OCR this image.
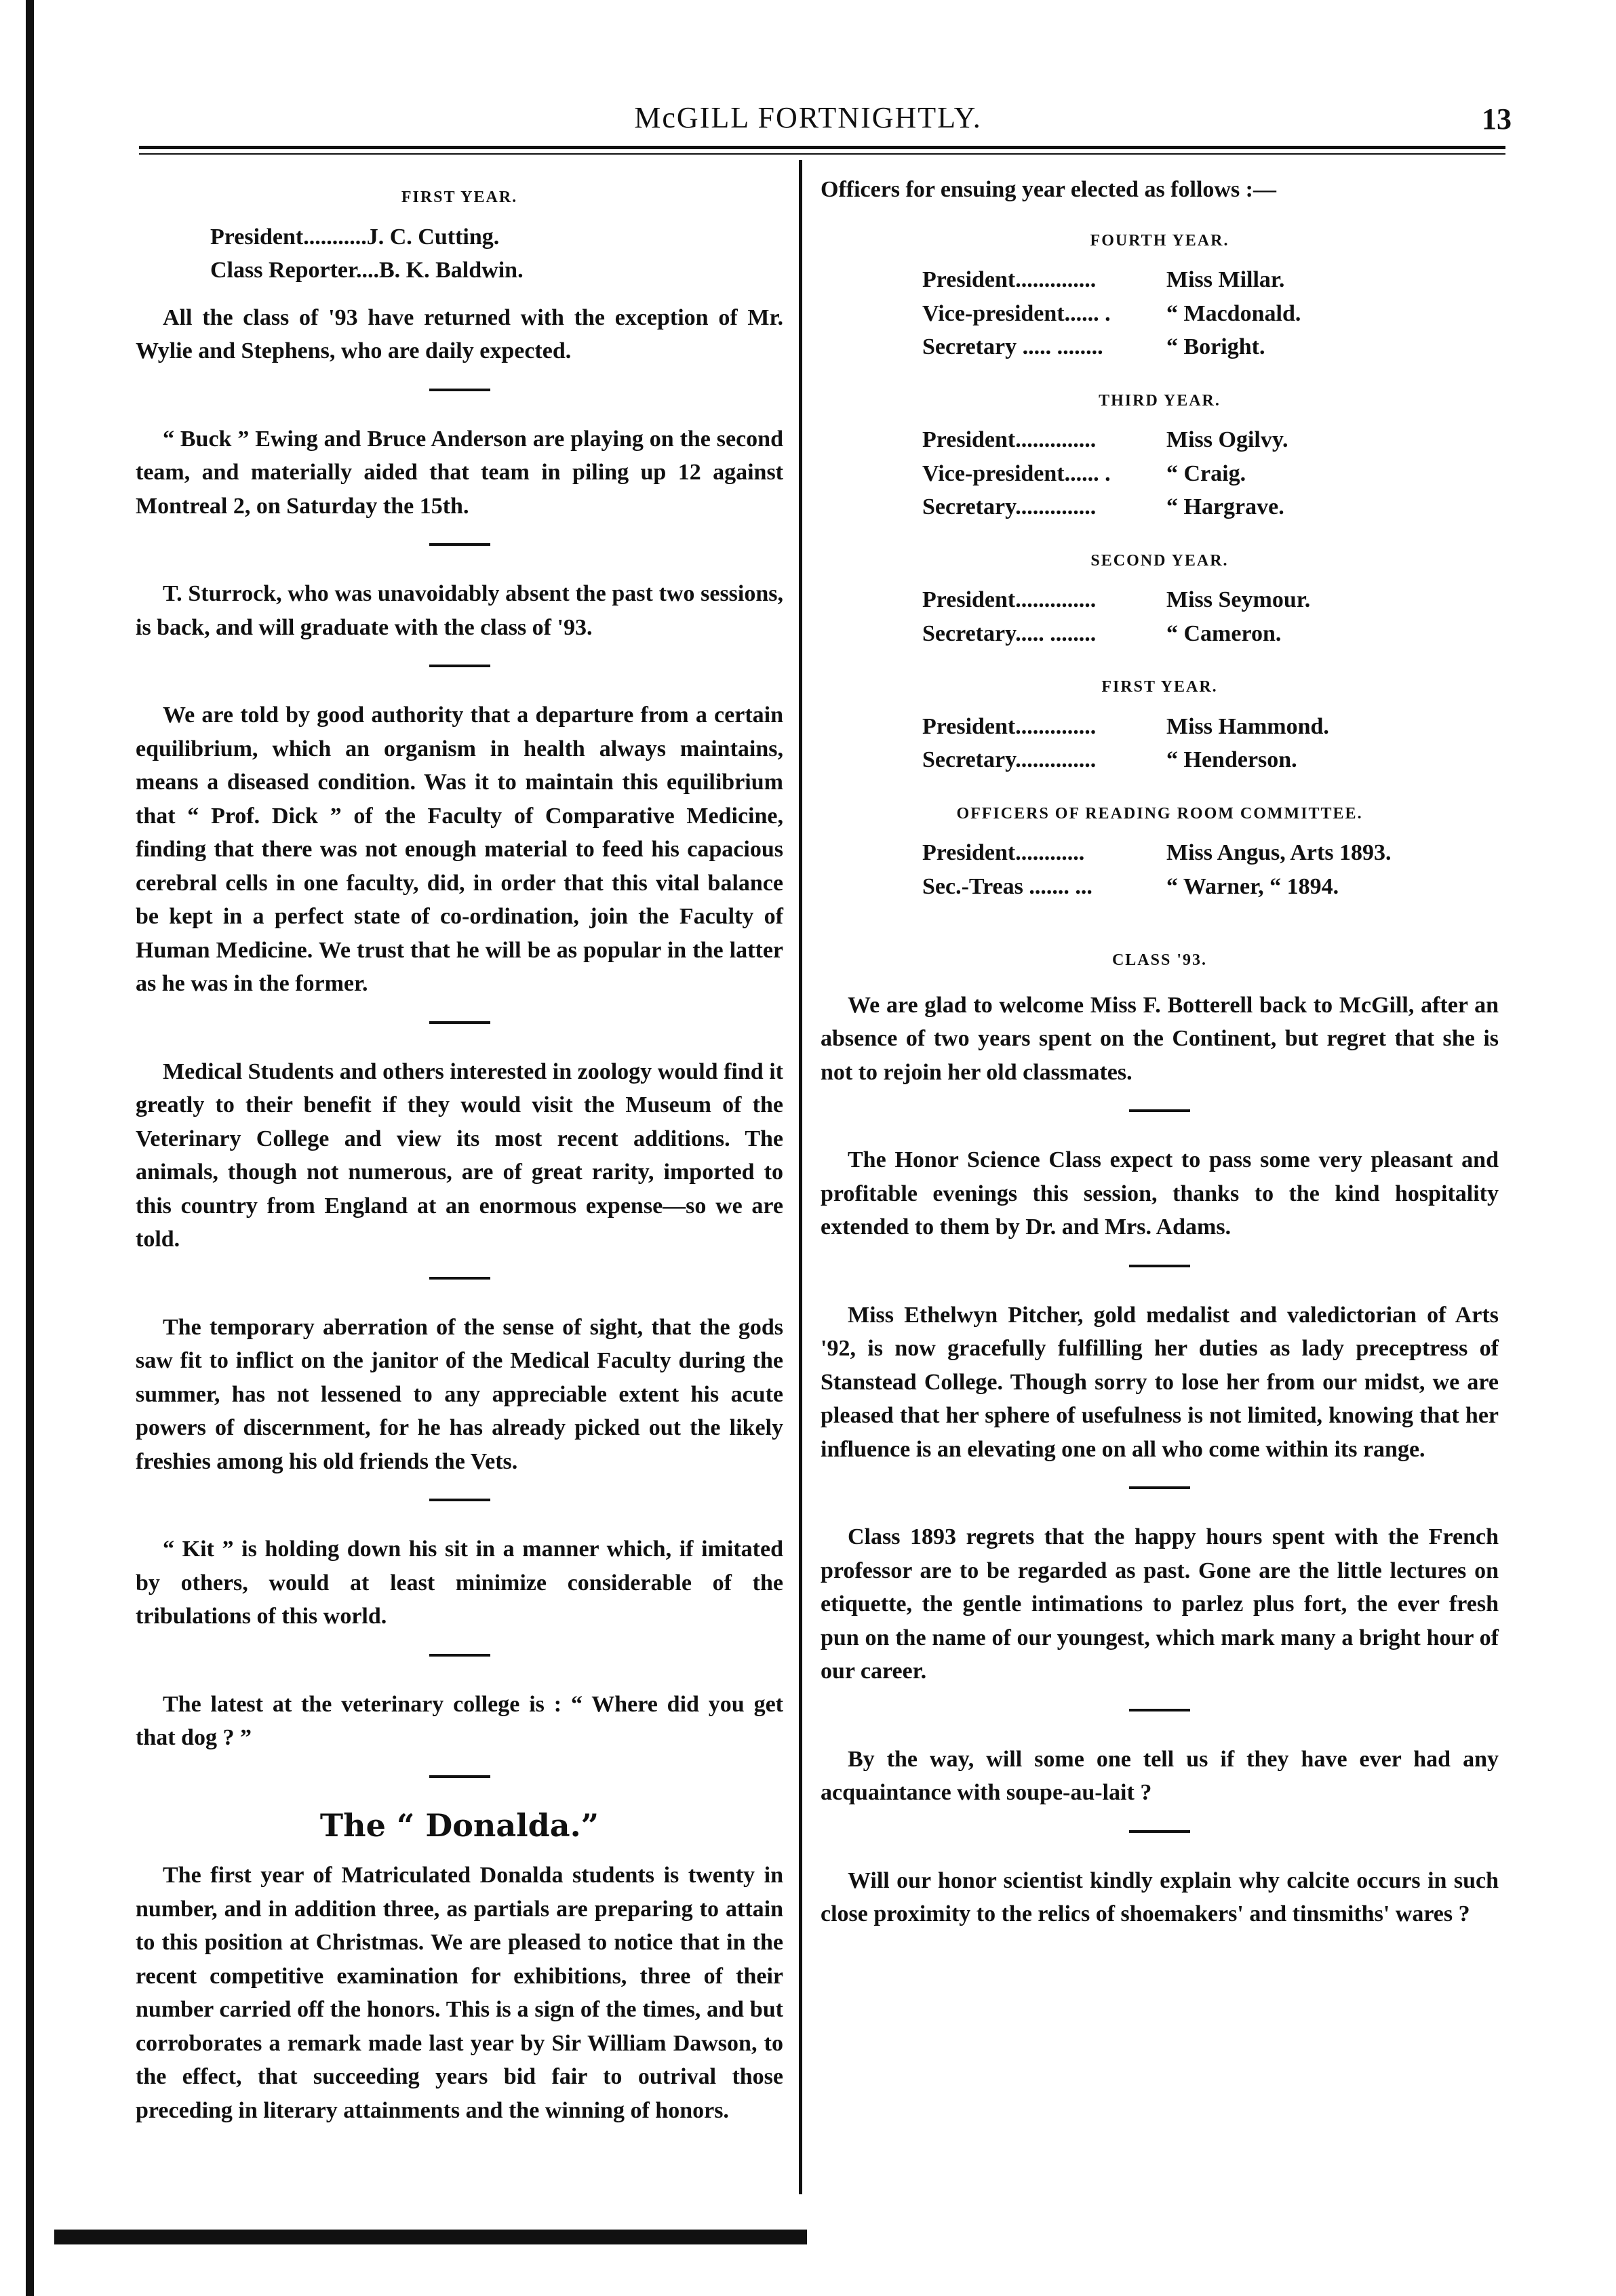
McGILL FORTNIGHTLY.	13
FIRST YEAR.
President........... J. C. Cutting.
Class Reporter.... B. K. Baldwin.

All the class of '93 have returned with the exception of Mr. Wylie and Stephens, who are daily expected.

“ Buck ” Ewing and Bruce Anderson are playing on the second team, and materially aided that team in piling up 12 against Montreal 2, on Saturday the 15th.

T. Sturrock, who was unavoidably absent the past two sessions, is back, and will graduate with the class of '93.

We are told by good authority that a departure from a certain equilibrium, which an organism in health always maintains, means a diseased condition. Was it to maintain this equilibrium that “ Prof. Dick ” of the Faculty of Comparative Medicine, finding that there was not enough material to feed his capacious cerebral cells in one faculty, did, in order that this vital balance be kept in a perfect state of co-ordination, join the Faculty of Human Medicine. We trust that he will be as popular in the latter as he was in the former.

Medical Students and others interested in zoology would find it greatly to their benefit if they would visit the Museum of the Veterinary College and view its most recent additions. The animals, though not numerous, are of great rarity, imported to this country from England at an enormous expense—so we are told.

The temporary aberration of the sense of sight, that the gods saw fit to inflict on the janitor of the Medical Faculty during the summer, has not lessened to any appreciable extent his acute powers of discernment, for he has already picked out the likely freshies among his old friends the Vets.

“ Kit ” is holding down his sit in a manner which, if imitated by others, would at least minimize considerable of the tribulations of this world.

The latest at the veterinary college is : “ Where did you get that dog ? ”

The “ Donalda.”

The first year of Matriculated Donalda students is twenty in number, and in addition three, as partials are preparing to attain to this position at Christmas. We are pleased to notice that in the recent competitive examination for exhibitions, three of their number carried off the honors. This is a sign of the times, and but corroborates a remark made last year by Sir William Dawson, to the effect, that succeeding years bid fair to outrival those preceding in literary attainments and the winning of honors.

Officers for ensuing year elected as follows :—
FOURTH YEAR.
President..............	Miss Millar.
Vice-president...... .	“ Macdonald.
Secretary ..... ........	“ Boright.
THIRD YEAR.
President..............	Miss Ogilvy.
Vice-president...... .	“ Craig.
Secretary..............	“ Hargrave.
SECOND YEAR.
President..............	Miss Seymour.
Secretary..... ........	“ Cameron.
FIRST YEAR.
President..............	Miss Hammond.
Secretary..............	“ Henderson.
OFFICERS OF READING ROOM COMMITTEE.
President............	Miss Angus, Arts 1893.
Sec.-Treas ....... ...	“ Warner, “ 1894.
CLASS '93.

We are glad to welcome Miss F. Botterell back to McGill, after an absence of two years spent on the Continent, but regret that she is not to rejoin her old classmates.

The Honor Science Class expect to pass some very pleasant and profitable evenings this session, thanks to the kind hospitality extended to them by Dr. and Mrs. Adams.

Miss Ethelwyn Pitcher, gold medalist and valedictorian of Arts '92, is now gracefully fulfilling her duties as lady preceptress of Stanstead College. Though sorry to lose her from our midst, we are pleased that her sphere of usefulness is not limited, knowing that her influence is an elevating one on all who come within its range.

Class 1893 regrets that the happy hours spent with the French professor are to be regarded as past. Gone are the little lectures on etiquette, the gentle intimations to parlez plus fort, the ever fresh pun on the name of our youngest, which mark many a bright hour of our career.

By the way, will some one tell us if they have ever had any acquaintance with soupe-au-lait ?

Will our honor scientist kindly explain why calcite occurs in such close proximity to the relics of shoemakers' and tinsmiths' wares ?
